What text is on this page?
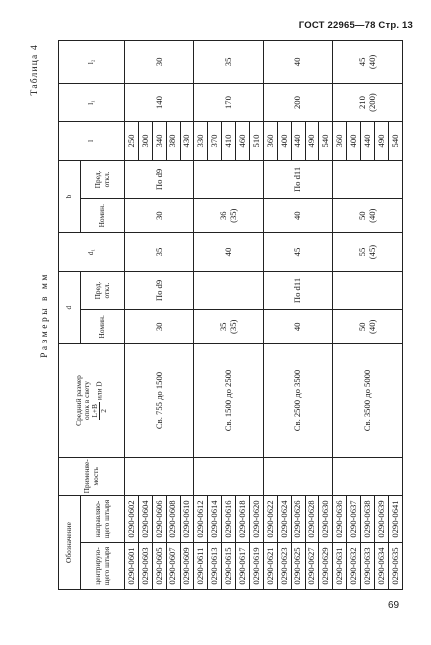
ГОСТ 22965—78 Стр. 13
Таблица 4
Размеры в мм
Обозначение		Применяе-мость	Средний размер опок в свету L+B 2
или D	d		d₁	b		l	l₁	l₂
центрирую-щего штыря	направляю-щего штыря			Номин.	Пред. откл.		Номин.	Пред. откл.			

0290-0601	0290-0602		Св. 755 до 1500	30	По d9	35	30	По d9	250	140	30

0290-0603	0290-0604								300		
0290-0605	0290-0606								340		
0290-0607	0290-0608								380		
0290-0609	0290-0610								430		
0290-0611	0290-0612		Св. 1500 до 2500	35 (35)		40	36 (35)		330	170	35

0290-0613	0290-0614								370		
0290-0615	0290-0616								410		
0290-0617	0290-0618								460		
0290-0619	0290-0620								510		
0290-0621	0290-0622		Св. 2500 до 3500	40	По d11	45	40	По d11	360	200	40

0290-0623	0290-0624								400		
0290-0625	0290-0626								440		
0290-0627	0290-0628								490		
0290-0629	0290-0630								540		
0290-0631	0290-0636		Св. 3500 до 5000	50 (40)		55 (45)	50 (40)		360	210 (200)	45 (40)

0290-0632	0290-0637								400		
0290-0633	0290-0638								440		
0290-0634	0290-0639								490		
0290-0635	0290-0641								540		
69
